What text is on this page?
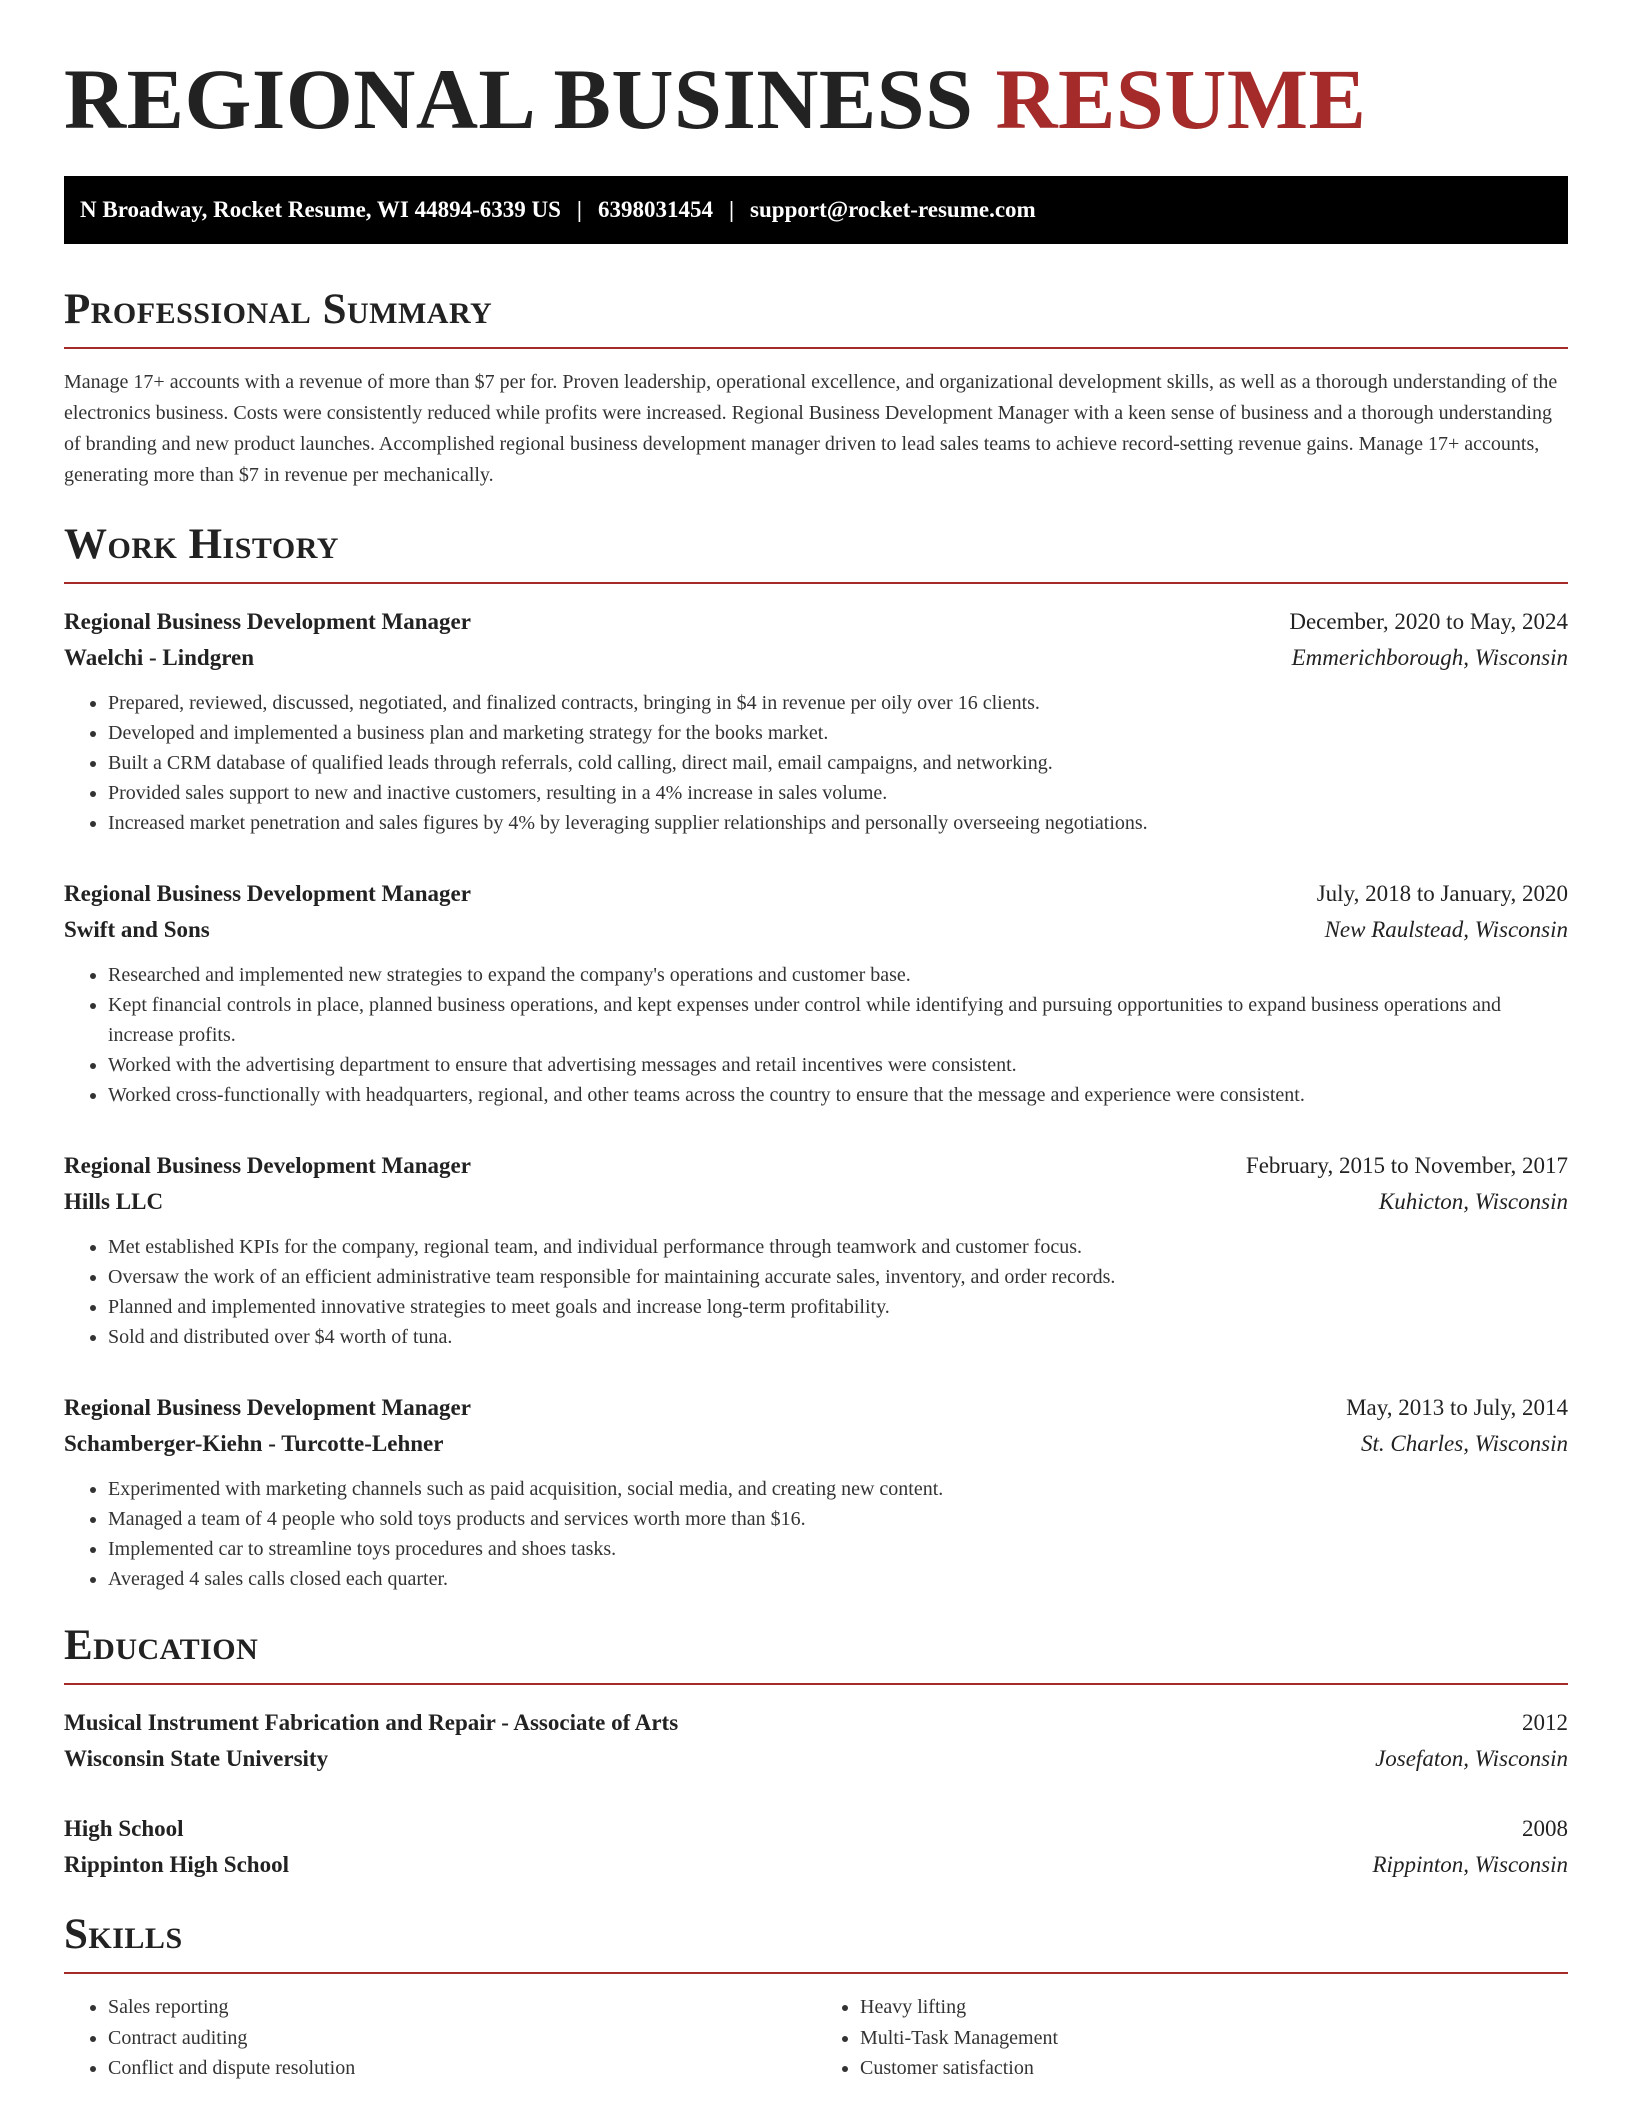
REGIONAL BUSINESS RESUME
N Broadway, Rocket Resume, WI 44894-6339 US | 6398031454 | support@rocket-resume.com
Professional Summary

Manage 17+ accounts with a revenue of more than $7 per for. Proven leadership, operational excellence, and organizational development skills, as well as a thorough understanding of the electronics business. Costs were consistently reduced while profits were increased. Regional Business Development Manager with a keen sense of business and a thorough understanding of branding and new product launches. Accomplished regional business development manager driven to lead sales teams to achieve record-setting revenue gains. Manage 17+ accounts, generating more than $7 in revenue per mechanically.

Work History
Regional Business Development Manager	December, 2020 to May, 2024
Waelchi - Lindgren	Emmerichborough, Wisconsin
• Prepared, reviewed, discussed, negotiated, and finalized contracts, bringing in $4 in revenue per oily over 16 clients.
• Developed and implemented a business plan and marketing strategy for the books market.
• Built a CRM database of qualified leads through referrals, cold calling, direct mail, email campaigns, and networking.
• Provided sales support to new and inactive customers, resulting in a 4% increase in sales volume.
• Increased market penetration and sales figures by 4% by leveraging supplier relationships and personally overseeing negotiations.
Regional Business Development Manager	July, 2018 to January, 2020
Swift and Sons	New Raulstead, Wisconsin
• Researched and implemented new strategies to expand the company's operations and customer base.
• Kept financial controls in place, planned business operations, and kept expenses under control while identifying and pursuing opportunities to expand business operations and increase profits.
• Worked with the advertising department to ensure that advertising messages and retail incentives were consistent.
• Worked cross-functionally with headquarters, regional, and other teams across the country to ensure that the message and experience were consistent.
Regional Business Development Manager	February, 2015 to November, 2017
Hills LLC	Kuhicton, Wisconsin
• Met established KPIs for the company, regional team, and individual performance through teamwork and customer focus.
• Oversaw the work of an efficient administrative team responsible for maintaining accurate sales, inventory, and order records.
• Planned and implemented innovative strategies to meet goals and increase long-term profitability.
• Sold and distributed over $4 worth of tuna.
Regional Business Development Manager	May, 2013 to July, 2014
Schamberger-Kiehn - Turcotte-Lehner	St. Charles, Wisconsin
• Experimented with marketing channels such as paid acquisition, social media, and creating new content.
• Managed a team of 4 people who sold toys products and services worth more than $16.
• Implemented car to streamline toys procedures and shoes tasks.
• Averaged 4 sales calls closed each quarter.
Education
Musical Instrument Fabrication and Repair - Associate of Arts	2012
Wisconsin State University	Josefaton, Wisconsin
High School	2008
Rippinton High School	Rippinton, Wisconsin
Skills
• Sales reporting
• Contract auditing
• Conflict and dispute resolution
• Heavy lifting
• Multi-Task Management
• Customer satisfaction
